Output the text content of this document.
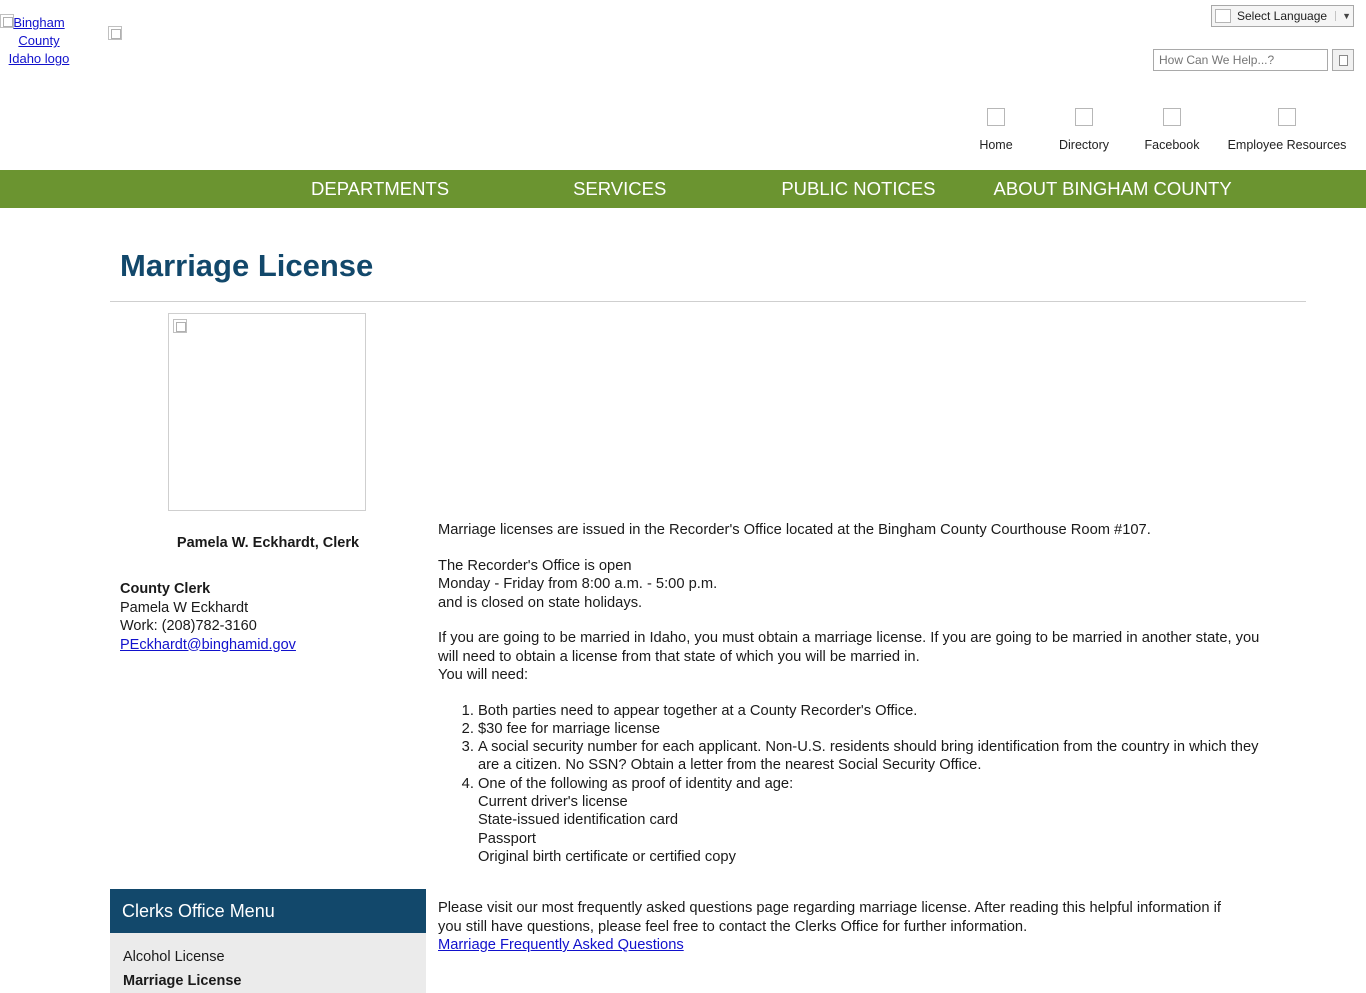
Bingham County Idaho logo
Select Language	▼
How Can We Help...?
Home	Directory	Facebook	Employee Resources
DEPARTMENTS	SERVICES	PUBLIC NOTICES	ABOUT BINGHAM COUNTY
Marriage License
Pamela W. Eckhardt, Clerk
County Clerk
Pamela W Eckhardt
Work: (208)782-3160
PEckhardt@binghamid.gov
Clerks Office Menu
Alcohol License
Marriage License

Marriage licenses are issued in the Recorder's Office located at the Bingham County Courthouse Room #107.

The Recorder's Office is open
Monday - Friday from 8:00 a.m. - 5:00 p.m.
and is closed on state holidays.
If you are going to be married in Idaho, you must obtain a marriage license. If you are going to be married in another state, you will need to obtain a license from that state of which you will be married in.
You will need:
1. Both parties need to appear together at a County Recorder's Office.
2. $30 fee for marriage license
3. A social security number for each applicant. Non-U.S. residents should bring identification from the country in which they are a citizen. No SSN? Obtain a letter from the nearest Social Security Office.
4. One of the following as proof of identity and age:
Current driver's license
State-issued identification card
Passport
Original birth certificate or certified copy
Please visit our most frequently asked questions page regarding marriage license. After reading this helpful information if you still have questions, please feel free to contact the Clerks Office for further information.
Marriage Frequently Asked Questions
